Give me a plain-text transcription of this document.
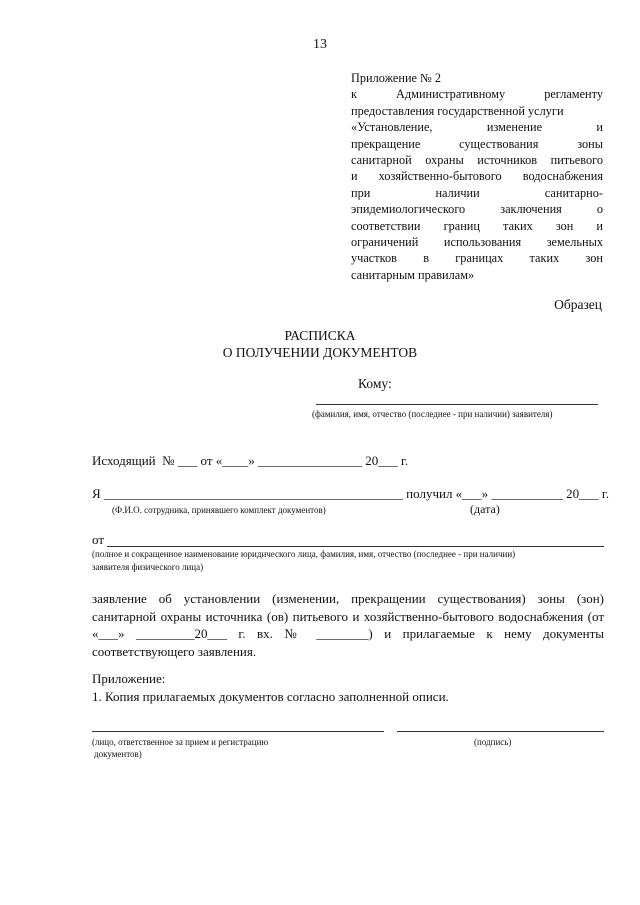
13
Приложение № 2
к Административному регламенту
предоставления государственной услуги
«Установление, изменение и
прекращение существования зоны
санитарной охраны источников питьевого
и хозяйственно-бытового водоснабжения
при наличии санитарно-
эпидемиологического заключения о
соответствии границ таких зон и
ограничений использования земельных
участков в границах таких зон
санитарным правилам»
Образец
РАСПИСКА
О ПОЛУЧЕНИИ ДОКУМЕНТОВ
Кому:
(фамилия, имя, отчество (последнее - при наличии) заявителя)
Исходящий  № ___ от «____» ________________ 20___ г.
Я ______________________________________________ получил «___» ___________ 20___ г.
(Ф.И.О. сотрудника, принявшего комплект документов)	(дата)
от
(полное и сокращенное наименование юридического лица, фамилия, имя, отчество (последнее - при наличии)
заявителя физического лица)
заявление об установлении (изменении, прекращении существования) зоны (зон) санитарной охраны источника (ов) питьевого и хозяйственно-бытового водоснабжения (от «___» _________20___ г. вх. № ________) и прилагаемые к нему документы соответствующего заявления.
Приложение:
1. Копия прилагаемых документов согласно заполненной описи.
(лицо, ответственное за прием и регистрацию
документов)
(подпись)
